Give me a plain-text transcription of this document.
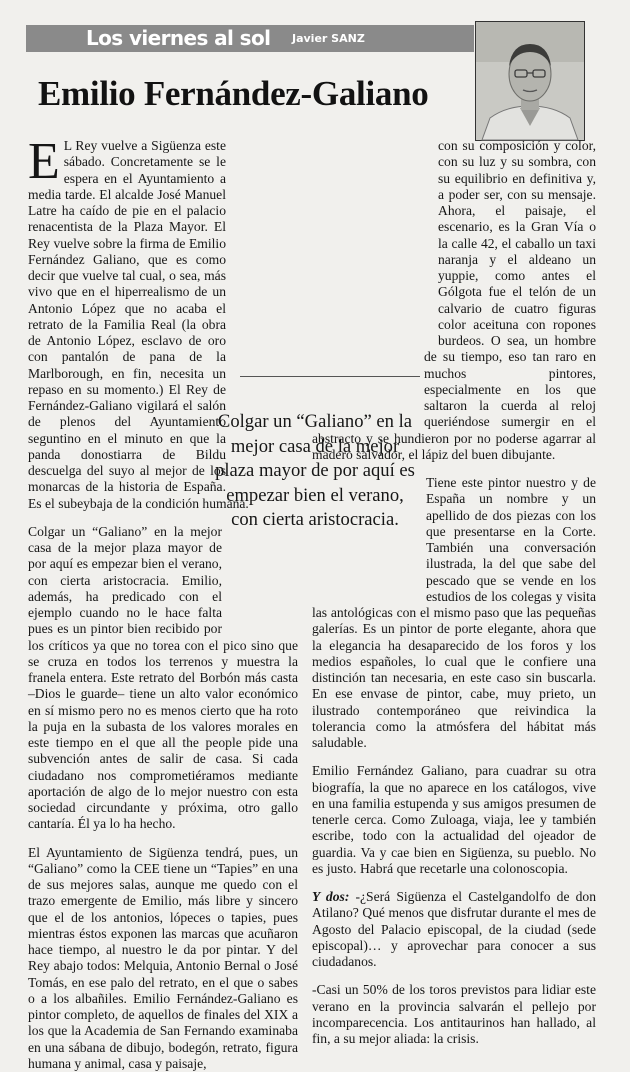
Los viernes al sol Javier SANZ
Emilio Fernández-Galiano
E L Rey vuelve a Sigüenza este sábado. Concretamente se le espera en el Ayuntamiento a media tarde. El alcalde José Manuel Latre ha caído de pie en el palacio renacentista de la Plaza Mayor. El Rey vuelve sobre la firma de Emilio Fernández Galiano, que es como decir que vuelve tal cual, o sea, más vivo que en el hiperrealismo de un Antonio López que no acaba el retrato de la Familia Real (la obra de Antonio López, esclavo de oro con pantalón de pana de la Marlborough, en fin, necesita un repaso en su momento.) El Rey de Fernández-Galiano vigilará el salón de plenos del Ayuntamiento seguntino en el minuto en que la panda donostiarra de Bildu descuelga del suyo al mejor de los monarcas de la historia de España. Es el subeybaja de la condición humana.

Colgar un “Galiano” en la mejor casa de la mejor plaza mayor de por aquí es empezar bien el verano, con cierta aristocracia. Emilio, además, ha predicado con el ejemplo cuando no le hace falta pues es un pintor bien recibido por los críticos ya que no torea con el pico sino que se cruza en todos los terrenos y muestra la franela entera. Este retrato del Borbón más casta –Dios le guarde– tiene un alto valor económico en sí mismo pero no es menos cierto que ha roto la puja en la subasta de los valores morales en este tiempo en el que all the people pide una subvención antes de salir de casa. Si cada ciudadano nos comprometiéramos mediante aportación de algo de lo mejor nuestro con esta sociedad circundante y próxima, otro gallo cantaría. Él ya lo ha hecho.

El Ayuntamiento de Sigüenza tendrá, pues, un “Galiano” como la CEE tiene un “Tapies” en una de sus mejores salas, aunque me quedo con el trazo emergente de Emilio, más libre y sincero que el de los antonios, lópeces o tapies, pues mientras éstos exponen las marcas que acuñaron hace tiempo, al nuestro le da por pintar. Y del Rey abajo todos: Melquia, Antonio Bernal o José Tomás, en ese palo del retrato, en el que o sabes o a los albañiles. Emilio Fernández-Galiano es pintor completo, de aquellos de finales del XIX a los que la Academia de San Fernando examinaba en una sábana de dibujo, bodegón, retrato, figura humana y animal, casa y paisaje,

con su composición y color, con su luz y su sombra, con su equilibrio en definitiva y, a poder ser, con su mensaje. Ahora, el paisaje, el escenario, es la Gran Vía o la calle 42, el caballo un taxi naranja y el aldeano un yuppie, como antes el Gólgota fue el telón de un calvario de cuatro figuras color aceituna con ropones burdeos. O sea, un hombre de su tiempo, eso tan raro en muchos pintores, especialmente en los que saltaron la cuerda al reloj queriéndose sumergir en el abstracto y se hundieron por no poderse agarrar al madero salvador, el lápiz del buen dibujante.

Tiene este pintor nuestro y de España un nombre y un apellido de dos piezas con los que presentarse en la Corte. También una conversación ilustrada, la del que sabe del pescado que se vende en los estudios de los colegas y visita las antológicas con el mismo paso que las pequeñas galerías. Es un pintor de porte elegante, ahora que la elegancia ha desaparecido de los foros y los medios españoles, lo cual que le confiere una distinción tan necesaria, en este caso sin buscarla. En ese envase de pintor, cabe, muy prieto, un ilustrado contemporáneo que reivindica la tolerancia como la atmósfera del hábitat más saludable.

Emilio Fernández Galiano, para cuadrar su otra biografía, la que no aparece en los catálogos, vive en una familia estupenda y sus amigos presumen de tenerle cerca. Como Zuloaga, viaja, lee y también escribe, todo con la actualidad del ojeador de guardia. Va y cae bien en Sigüenza, su pueblo. No es justo. Habrá que recetarle una colonoscopia.

Y dos: -¿Será Sigüenza el Castelgandolfo de don Atilano? Qué menos que disfrutar durante el mes de Agosto del Palacio episcopal, de la ciudad (sede episcopal)… y aprovechar para conocer a sus ciudadanos.

-Casi un 50% de los toros previstos para lidiar este verano en la provincia salvarán el pellejo por incomparecencia. Los antitaurinos han hallado, al fin, a su mejor aliada: la crisis.

Colgar un “Galiano” en la mejor casa de la mejor plaza mayor de por aquí es empezar bien el verano, con cierta aristocracia.
